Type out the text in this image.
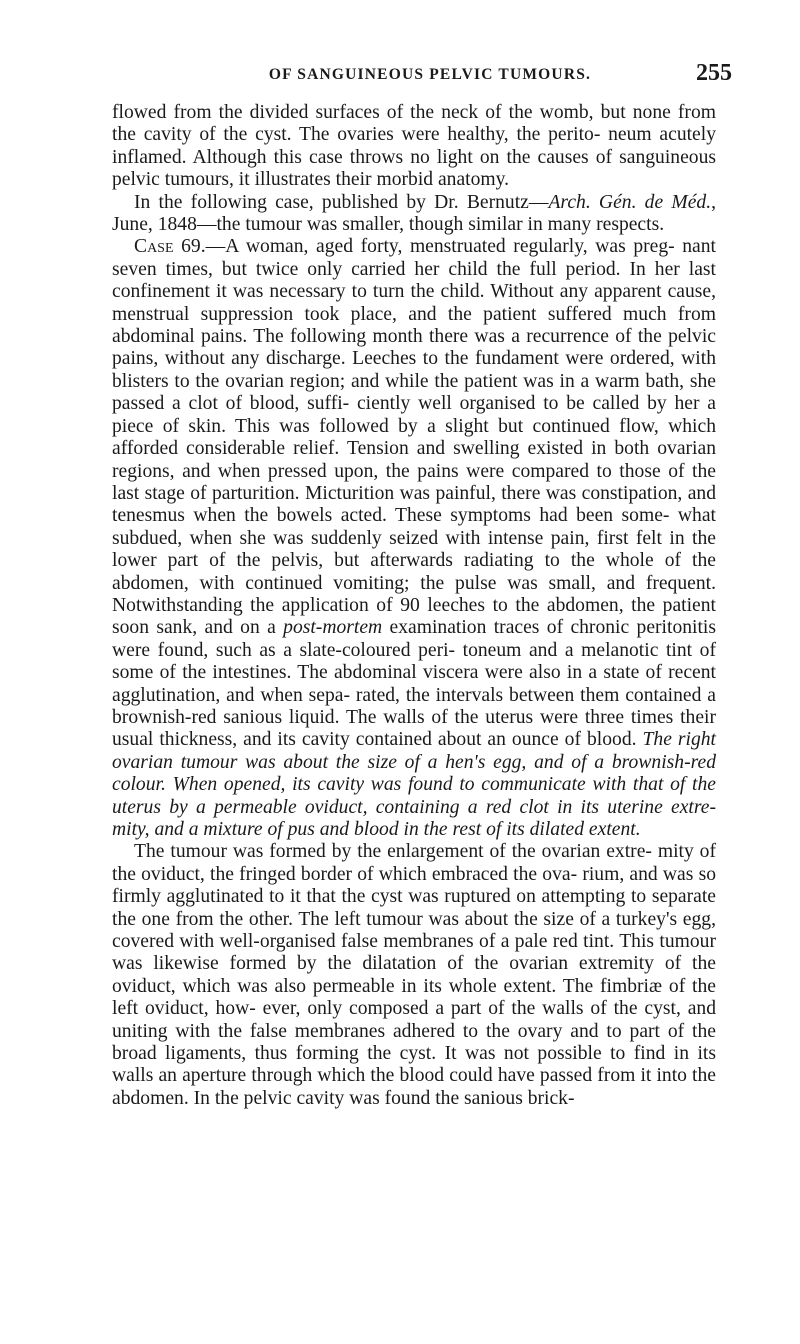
OF SANGUINEOUS PELVIC TUMOURS.	255

flowed from the divided surfaces of the neck of the womb, but none from the cavity of the cyst. The ovaries were healthy, the perito- neum acutely inflamed. Although this case throws no light on the causes of sanguineous pelvic tumours, it illustrates their morbid anatomy.

In the following case, published by Dr. Bernutz—Arch. Gén. de Méd., June, 1848—the tumour was smaller, though similar in many respects.

Case 69.—A woman, aged forty, menstruated regularly, was preg- nant seven times, but twice only carried her child the full period. In her last confinement it was necessary to turn the child. Without any apparent cause, menstrual suppression took place, and the patient suffered much from abdominal pains. The following month there was a recurrence of the pelvic pains, without any discharge. Leeches to the fundament were ordered, with blisters to the ovarian region; and while the patient was in a warm bath, she passed a clot of blood, suffi- ciently well organised to be called by her a piece of skin. This was followed by a slight but continued flow, which afforded considerable relief. Tension and swelling existed in both ovarian regions, and when pressed upon, the pains were compared to those of the last stage of parturition. Micturition was painful, there was constipation, and tenesmus when the bowels acted. These symptoms had been some- what subdued, when she was suddenly seized with intense pain, first felt in the lower part of the pelvis, but afterwards radiating to the whole of the abdomen, with continued vomiting; the pulse was small, and frequent. Notwithstanding the application of 90 leeches to the abdomen, the patient soon sank, and on a post-mortem examination traces of chronic peritonitis were found, such as a slate-coloured peri- toneum and a melanotic tint of some of the intestines. The abdominal viscera were also in a state of recent agglutination, and when sepa- rated, the intervals between them contained a brownish-red sanious liquid. The walls of the uterus were three times their usual thickness, and its cavity contained about an ounce of blood. The right ovarian tumour was about the size of a hen's egg, and of a brownish-red colour. When opened, its cavity was found to communicate with that of the uterus by a permeable oviduct, containing a red clot in its uterine extre- mity, and a mixture of pus and blood in the rest of its dilated extent.

The tumour was formed by the enlargement of the ovarian extre- mity of the oviduct, the fringed border of which embraced the ova- rium, and was so firmly agglutinated to it that the cyst was ruptured on attempting to separate the one from the other. The left tumour was about the size of a turkey's egg, covered with well-organised false membranes of a pale red tint. This tumour was likewise formed by the dilatation of the ovarian extremity of the oviduct, which was also permeable in its whole extent. The fimbriæ of the left oviduct, how- ever, only composed a part of the walls of the cyst, and uniting with the false membranes adhered to the ovary and to part of the broad ligaments, thus forming the cyst. It was not possible to find in its walls an aperture through which the blood could have passed from it into the abdomen. In the pelvic cavity was found the sanious brick-
